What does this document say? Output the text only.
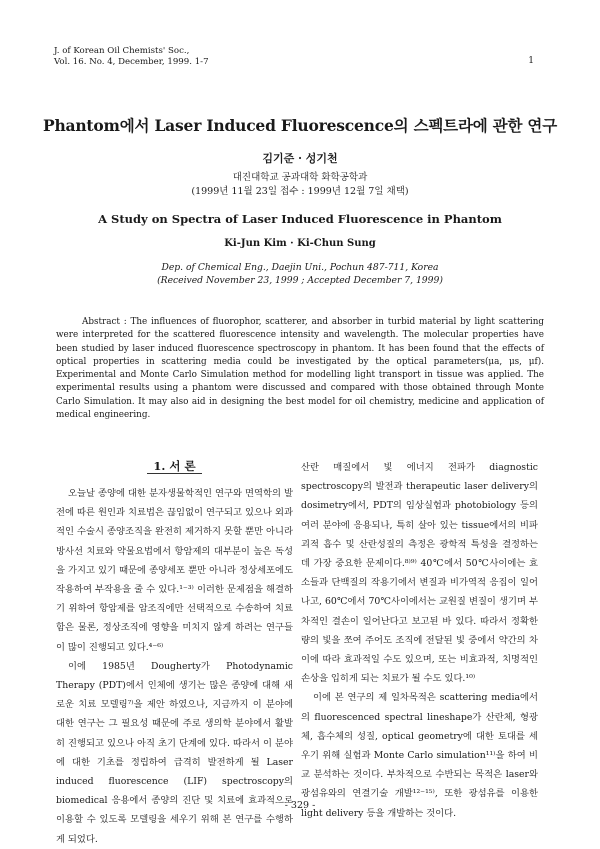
J. of Korean Oil Chemists' Soc.,
Vol. 16. No. 4, December, 1999. 1-7	1
Phantom에서 Laser Induced Fluorescence의 스펙트라에 관한 연구
김기준 · 성기천
대진대학교 공과대학 화학공학과
(1999년 11월 23일 접수 : 1999년 12월 7일 채택)
A Study on Spectra of Laser Induced Fluorescence in Phantom
Ki-Jun Kim · Ki-Chun Sung
Dep. of Chemical Eng., Daejin Uni., Pochun 487-711, Korea
(Received November 23, 1999 ; Accepted December 7, 1999)
Abstract : The influences of fluorophor, scatterer, and absorber in turbid material by light scattering were interpreted for the scattered fluorescence intensity and wavelength. The molecular properties have been studied by laser induced fluorescence spectroscopy in phantom. It has been found that the effects of optical properties in scattering media could be investigated by the optical parameters(μa, μs, μf). Experimental and Monte Carlo Simulation method for modelling light transport in tissue was applied. The experimental results using a phantom were discussed and compared with those obtained through Monte Carlo Simulation. It may also aid in designing the best model for oil chemistry, medicine and application of medical engineering.
1. 서 론

오늘날 종양에 대한 분자생물학적인 연구와 면역학의 발전에 따른 원인과 치료법은 끊임없이 연구되고 있으나 외과적인 수술시 종양조직을 완전히 제거하지 못할 뿐만 아니라 방사선 치료와 약물요법에서 항암제의 대부분이 높은 독성을 가지고 있기 때문에 종양세포 뿐만 아니라 정상세포에도 작용하여 부작용을 줄 수 있다.¹⁻³⁾ 이러한 문제점을 해결하기 위하여 항암제를 암조직에만 선택적으로 수송하여 치료함은 물론, 정상조직에 영향을 미치지 않게 하려는 연구들이 많이 진행되고 있다.⁴⁻⁶⁾

이에 1985년 Dougherty가 Photodynamic Therapy (PDT)에서 인체에 생기는 많은 종양에 대해 새로운 치료 모델링⁷⁾을 제안 하였으나, 지금까지 이 분야에 대한 연구는 그 필요성 때문에 주로 생의학 분야에서 활발히 진행되고 있으나 아직 초기 단계에 있다. 따라서 이 분야에 대한 기초를 정립하여 급격히 발전하게 될 Laser induced fluorescence (LIF) spectroscopy의 biomedical 응용에서 종양의 진단 및 치료에 효과적으로 이용할 수 있도록 모델링을 세우기 위해 본 연구를 수행하게 되었다.

산란 매질에서 빛 에너지 전파가 diagnostic spectroscopy의 발전과 therapeutic laser delivery의 dosimetry에서, PDT의 임상실험과 photobiology 등의 여러 분야에 응용되나, 특히 살아 있는 tissue에서의 비파괴적 흡수 및 산란성질의 측정은 광학적 특성을 결정하는 데 가장 중요한 문제이다.⁸⁾⁹⁾ 40℃에서 50℃사이에는 효소들과 단백질의 작용기에서 변질과 비가역적 응집이 일어나고, 60℃에서 70℃사이에서는 교원질 변질이 생기며 부차적인 결손이 일어난다고 보고된 바 있다. 따라서 정확한 량의 빛을 쪼여 주어도 조직에 전달된 빛 중에서 약간의 차이에 따라 효과적일 수도 있으며, 또는 비효과적, 치명적인 손상을 입히게 되는 치료가 될 수도 있다.¹⁰⁾

이에 본 연구의 제 일차목적은 scattering media에서의 fluorescenced spectral lineshape가 산란체, 형광체, 흡수체의 성질, optical geometry에 대한 토대를 세우기 위해 실험과 Monte Carlo simulation¹¹⁾을 하여 비교 분석하는 것이다. 부차적으로 수반되는 목적은 laser와 광섬유와의 연결기술 개발¹²⁻¹⁵⁾, 또한 광섬유를 이용한 light delivery 등을 개발하는 것이다.

- 329 -
